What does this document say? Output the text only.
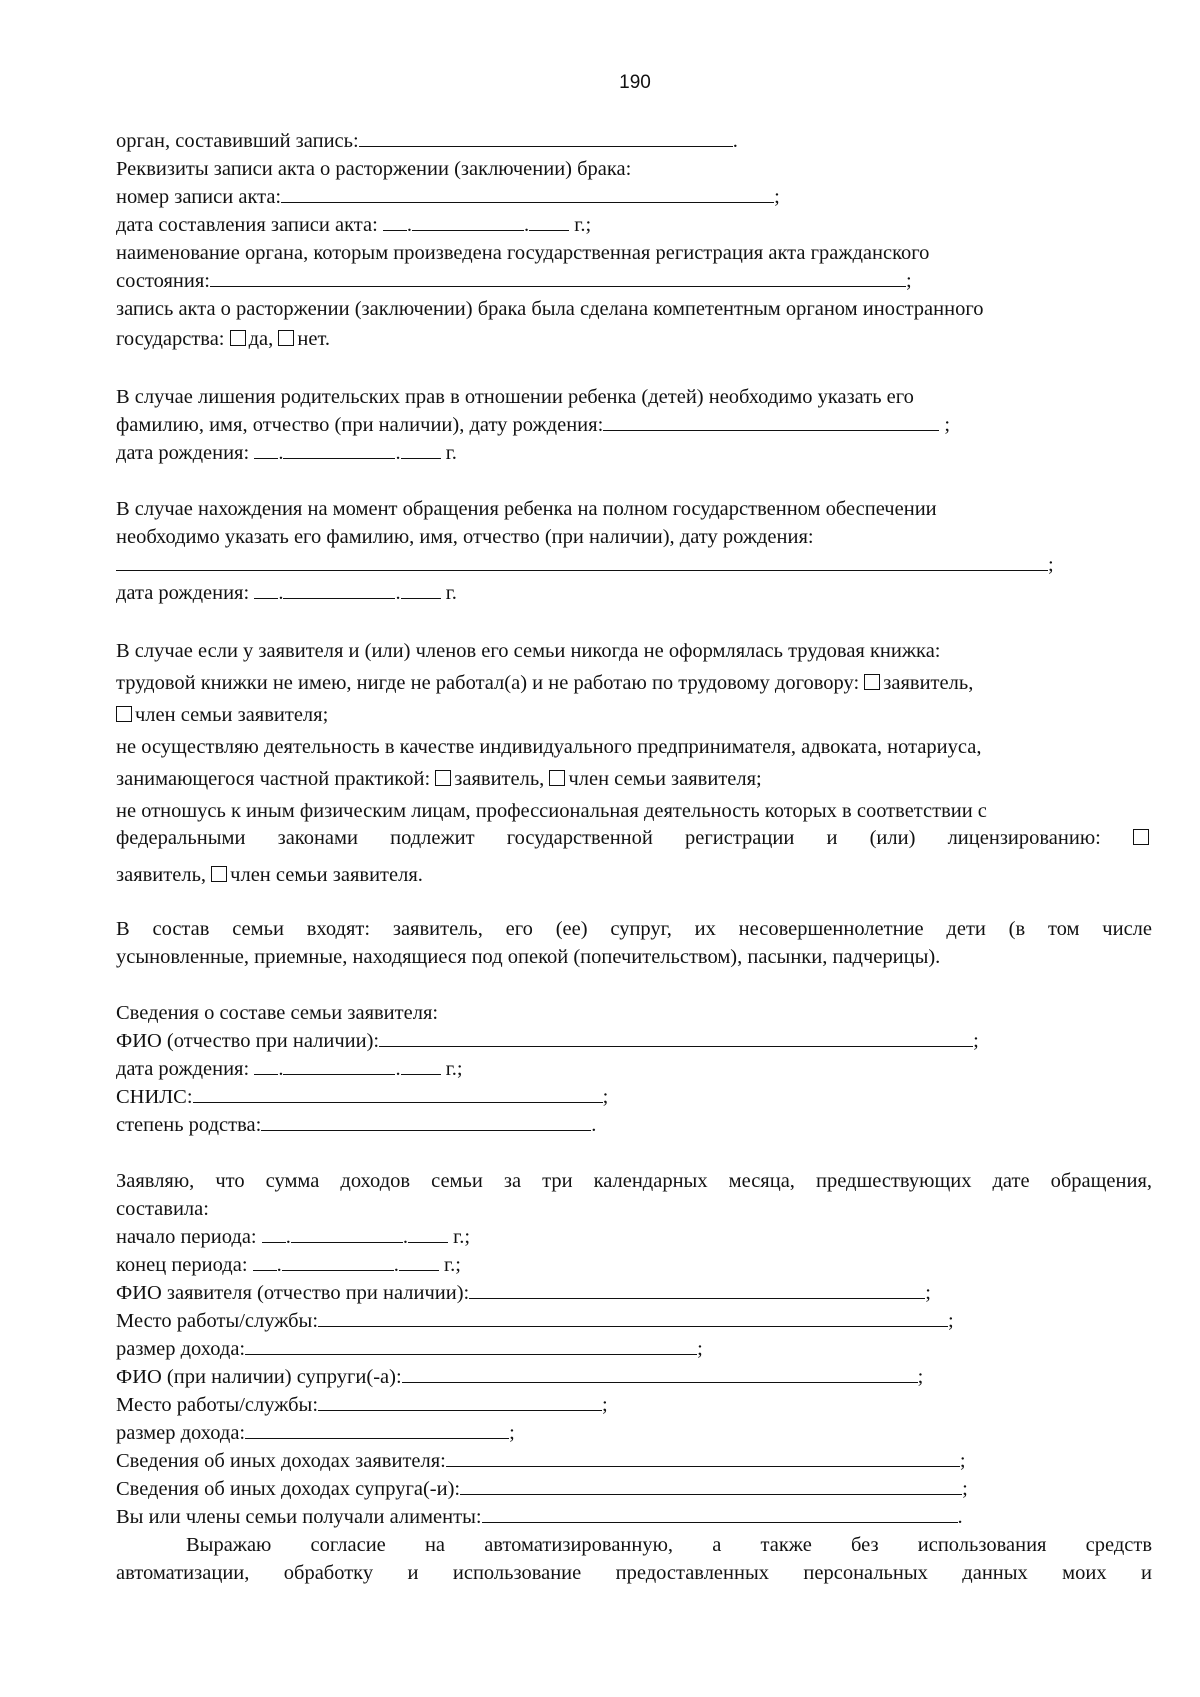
190
орган, составивший запись:	.
Реквизиты записи акта о расторжении (заключении) брака:
номер записи акта:	;
дата составления записи акта: .	. г.;
наименование органа, которым произведена государственная регистрация акта гражданского
состояния:	;
запись акта о расторжении (заключении) брака была сделана компетентным органом иностранного
государства: да, нет.
В случае лишения родительских прав в отношении ребенка (детей) необходимо указать его
фамилию, имя, отчество (при наличии), дату рождения:	;
дата рождения: .	. г.
В случае нахождения на момент обращения ребенка на полном государственном обеспечении
необходимо указать его фамилию, имя, отчество (при наличии), дату рождения:
;
дата рождения: .	. г.
В случае если у заявителя и (или) членов его семьи никогда не оформлялась трудовая книжка:
трудовой книжки не имею, нигде не работал(а) и не работаю по трудовому договору: заявитель,
член семьи заявителя;
не осуществляю деятельность в качестве индивидуального предпринимателя, адвоката, нотариуса,
занимающегося частной практикой: заявитель, член семьи заявителя;
не отношусь к иным физическим лицам, профессиональная деятельность которых в соответствии с
федеральными законами подлежит государственной регистрации и (или) лицензированию:
заявитель, член семьи заявителя.
В состав семьи входят: заявитель, его (ее) супруг, их несовершеннолетние дети (в том числе
усыновленные, приемные, находящиеся под опекой (попечительством), пасынки, падчерицы).
Сведения о составе семьи заявителя:
ФИО (отчество при наличии):	;
дата рождения: .	. г.;
СНИЛС:	;
степень родства:	.
Заявляю, что сумма доходов семьи за три календарных месяца, предшествующих дате обращения,
составила:
начало периода: .	. г.;
конец периода: .	. г.;
ФИО заявителя (отчество при наличии):	;
Место работы/службы:	;
размер дохода:	;
ФИО (при наличии) супруги(-а):	;
Место работы/службы:	;
размер дохода:	;
Сведения об иных доходах заявителя:	;
Сведения об иных доходах супруга(-и):	;
Вы или члены семьи получали алименты:	.
Выражаю согласие на автоматизированную, а также без использования средств
автоматизации, обработку и использование предоставленных персональных данных моих и
